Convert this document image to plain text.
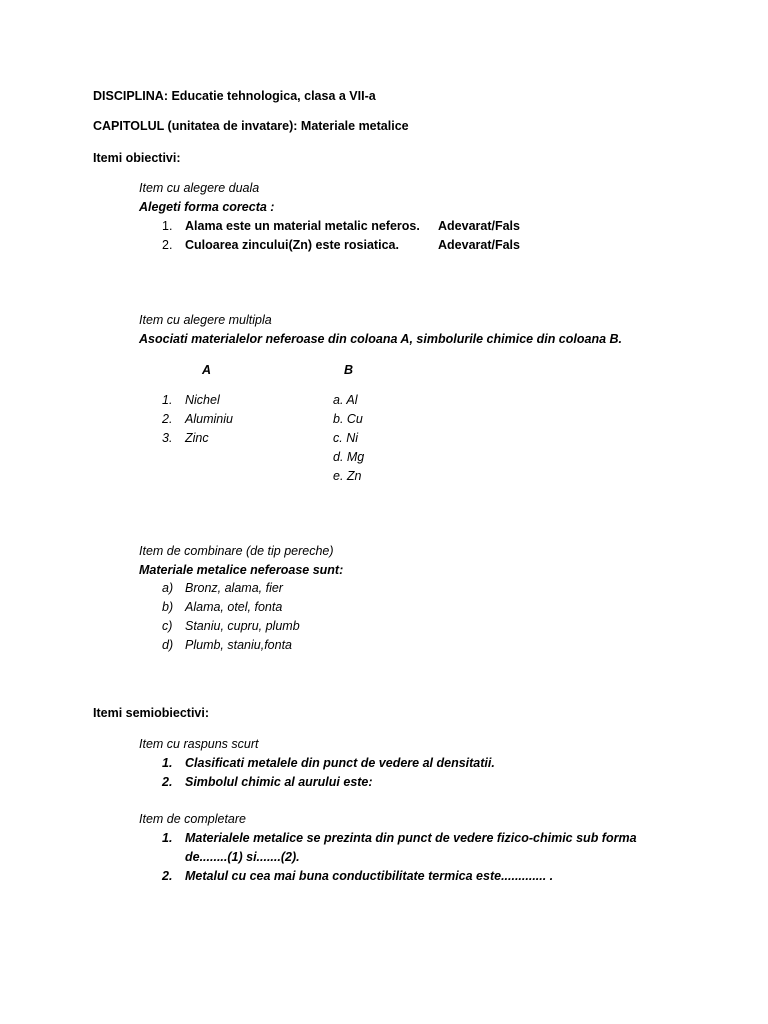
DISCIPLINA: Educatie tehnologica, clasa a VII-a
CAPITOLUL (unitatea de invatare): Materiale metalice
Itemi obiectivi:
Item cu alegere duala
Alegeti forma corecta :
1. Alama este un material metalic neferos. Adevarat/Fals
2. Culoarea zincului(Zn) este rosiatica.	Adevarat/Fals
Item cu alegere multipla
Asociati materialelor neferoase din coloana A, simbolurile chimice din coloana B.
A	B
1. Nichel
2. Aluminiu
3. Zinc
a. Al
b. Cu
c. Ni
d. Mg
e. Zn
Item de combinare (de tip pereche)
Materiale metalice neferoase sunt:
a) Bronz, alama, fier
b) Alama, otel, fonta
c) Staniu, cupru, plumb
d) Plumb, staniu,fonta
Itemi semiobiectivi:
Item cu raspuns scurt
1. Clasificati metalele din punct de vedere al densitatii.
2. Simbolul chimic al aurului este:
Item de completare
1. Materialele metalice se prezinta din punct de vedere fizico-chimic sub forma
de........(1) si.......(2).
2. Metalul cu cea mai buna conductibilitate termica este............. .
